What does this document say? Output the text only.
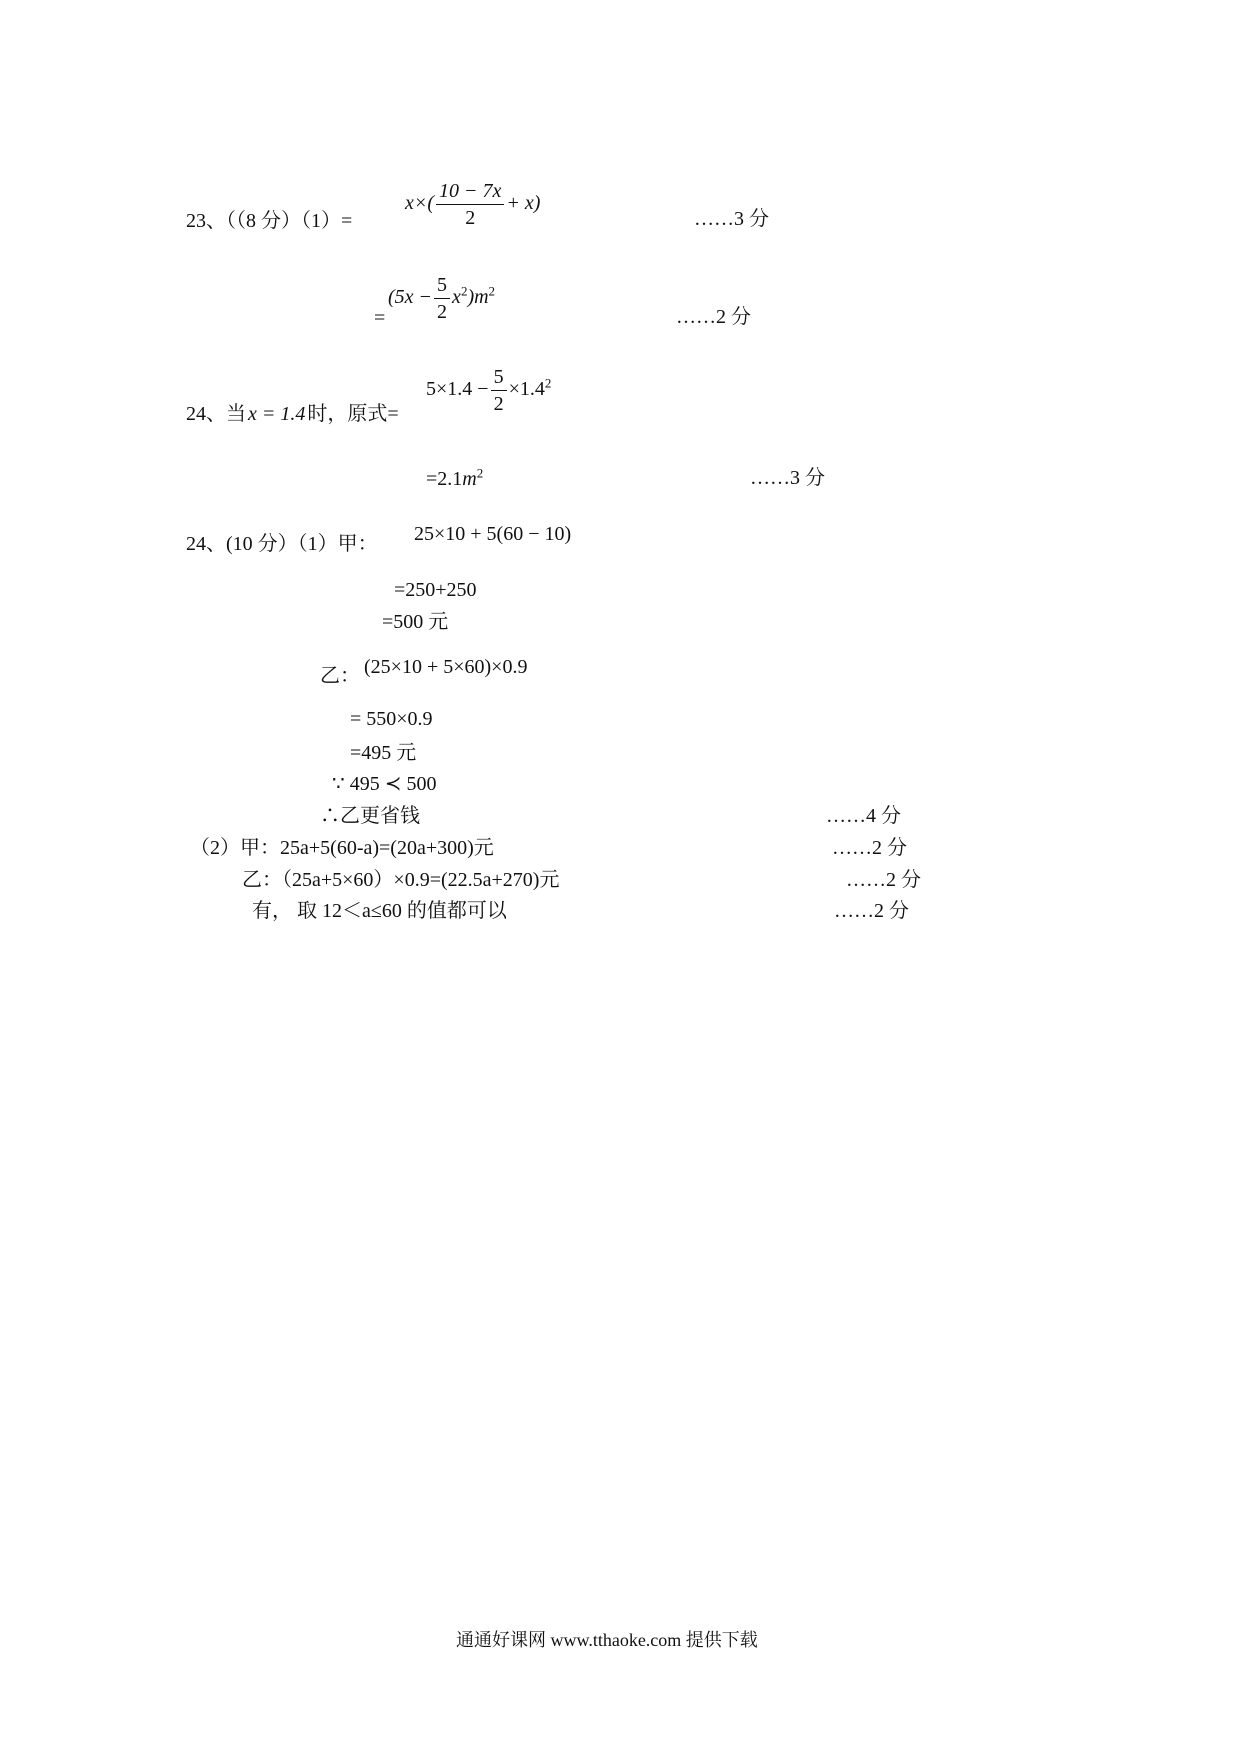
23、（（8 分）（1）=
$x\times( \frac{10 - 7x}{2} + x)$
……3 分
=
$(5x - \frac{5}{2} x^2)m^2$
……2 分
24、当 x = 1.4 时，原式=
$5\times 1.4 - \frac{5}{2} \times 1.4^2$
$=2.1m^2$	……3 分
24、(10 分）（1）甲： 25×10 + 5(60 − 10)
=250+250
=500 元
乙： (25×10 + 5×60)×0.9
= 550×0.9
=495 元
∵ 495 ≺ 500
∴乙更省钱	……4 分
（2）甲：25a+5(60-a)=(20a+300)元	……2 分
乙：（25a+5×60）×0.9=(22.5a+270)元	……2 分
有， 取 12＜a≤60 的值都可以	……2 分
通通好课网 www.tthaoke.com 提供下载
